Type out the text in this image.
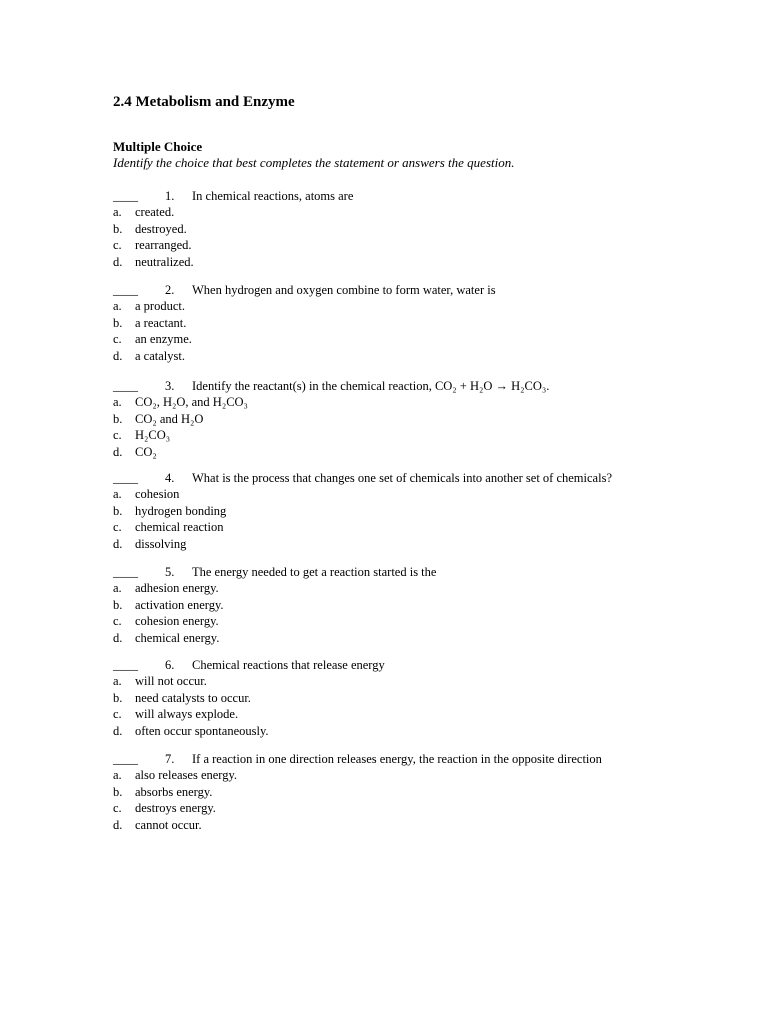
2.4 Metabolism and Enzyme
Multiple Choice
Identify the choice that best completes the statement or answers the question.
____ 1. In chemical reactions, atoms are
a. created.
b. destroyed.
c. rearranged.
d. neutralized.
____ 2. When hydrogen and oxygen combine to form water, water is
a. a product.
b. a reactant.
c. an enzyme.
d. a catalyst.
____ 3. Identify the reactant(s) in the chemical reaction, CO₂ + H₂O → H₂CO₃.
a. CO₂, H₂O, and H₂CO₃
b. CO₂ and H₂O
c. H₂CO₃
d. CO₂
____ 4. What is the process that changes one set of chemicals into another set of chemicals?
a. cohesion
b. hydrogen bonding
c. chemical reaction
d. dissolving
____ 5. The energy needed to get a reaction started is the
a. adhesion energy.
b. activation energy.
c. cohesion energy.
d. chemical energy.
____ 6. Chemical reactions that release energy
a. will not occur.
b. need catalysts to occur.
c. will always explode.
d. often occur spontaneously.
____ 7. If a reaction in one direction releases energy, the reaction in the opposite direction
a. also releases energy.
b. absorbs energy.
c. destroys energy.
d. cannot occur.
